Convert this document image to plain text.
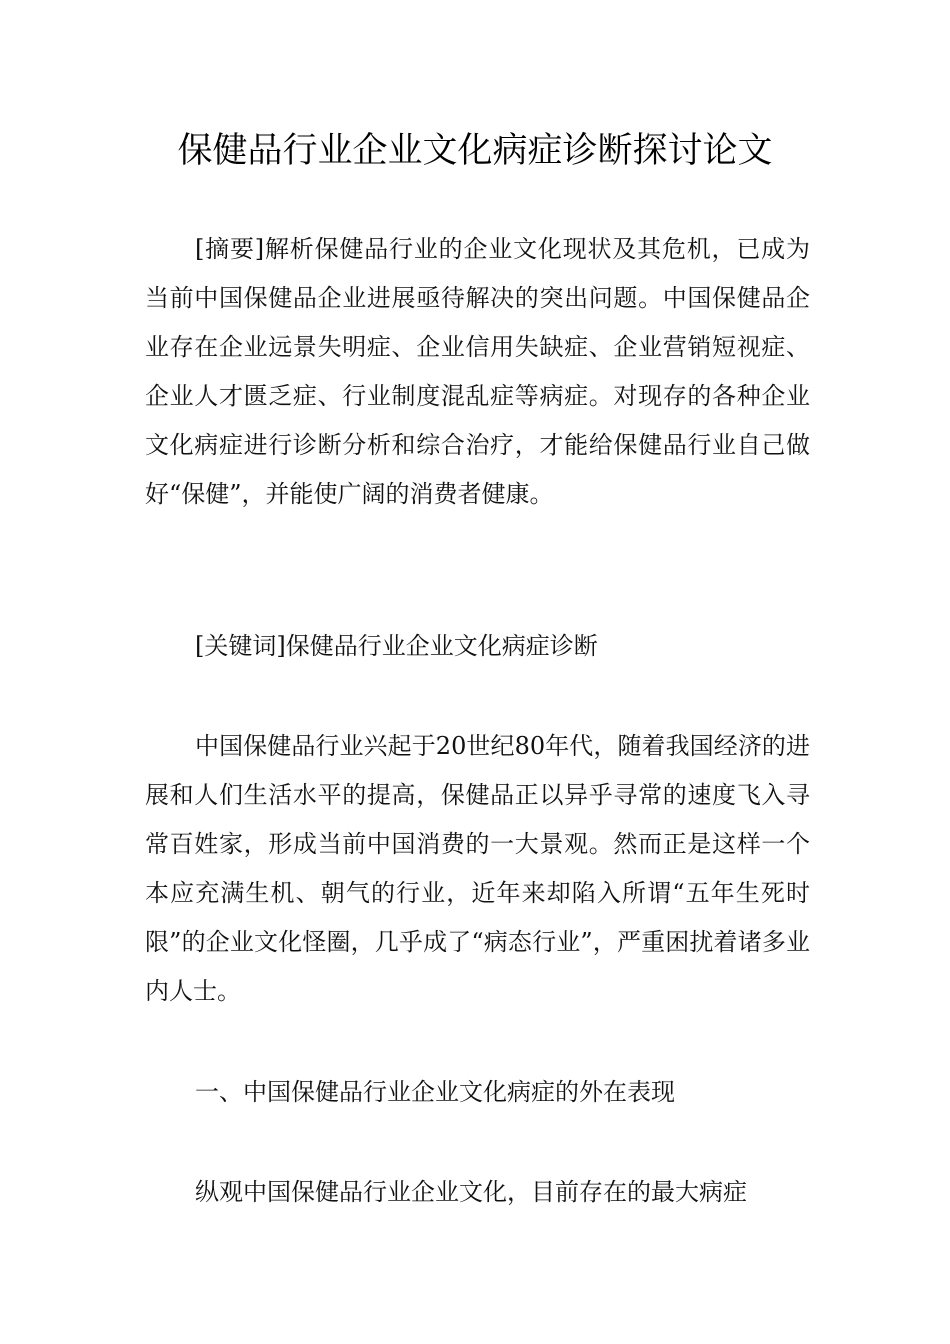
保健品行业企业文化病症诊断探讨论文

[摘要]解析保健品行业的企业文化现状及其危机，已成为当前中国保健品企业进展亟待解决的突出问题。中国保健品企业存在企业远景失明症、企业信用失缺症、企业营销短视症、企业人才匮乏症、行业制度混乱症等病症。对现存的各种企业文化病症进行诊断分析和综合治疗，才能给保健品行业自己做好“保健”，并能使广阔的消费者健康。

[关键词]保健品行业企业文化病症诊断

中国保健品行业兴起于20世纪80年代，随着我国经济的进展和人们生活水平的提高，保健品正以异乎寻常的速度飞入寻常百姓家，形成当前中国消费的一大景观。然而正是这样一个本应充满生机、朝气的行业，近年来却陷入所谓“五年生死时限”的企业文化怪圈，几乎成了“病态行业”，严重困扰着诸多业内人士。

一、中国保健品行业企业文化病症的外在表现

纵观中国保健品行业企业文化，目前存在的最大病症
